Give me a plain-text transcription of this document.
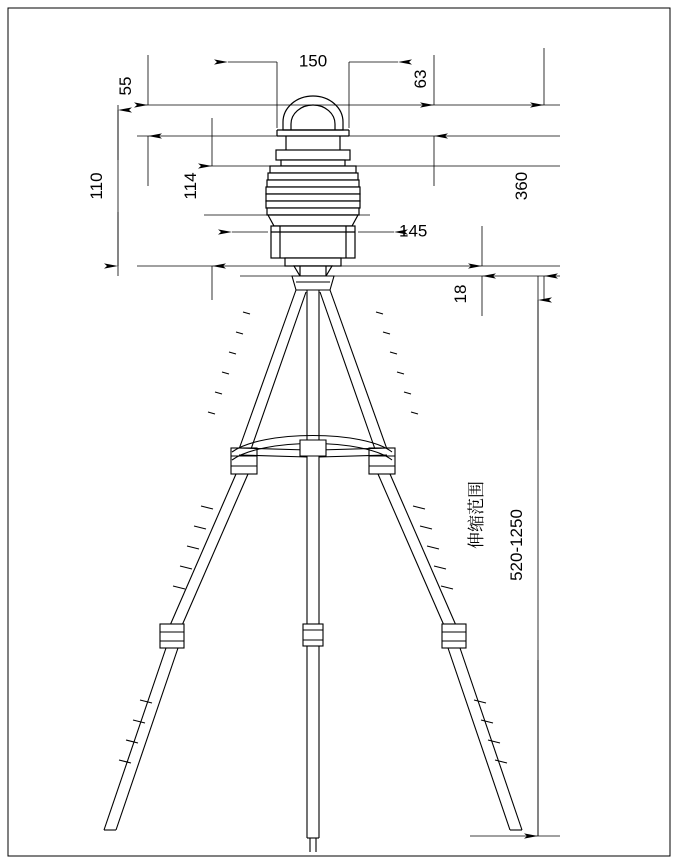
150
63
55
110	114	360
145
18
520-1250
伸缩范围
